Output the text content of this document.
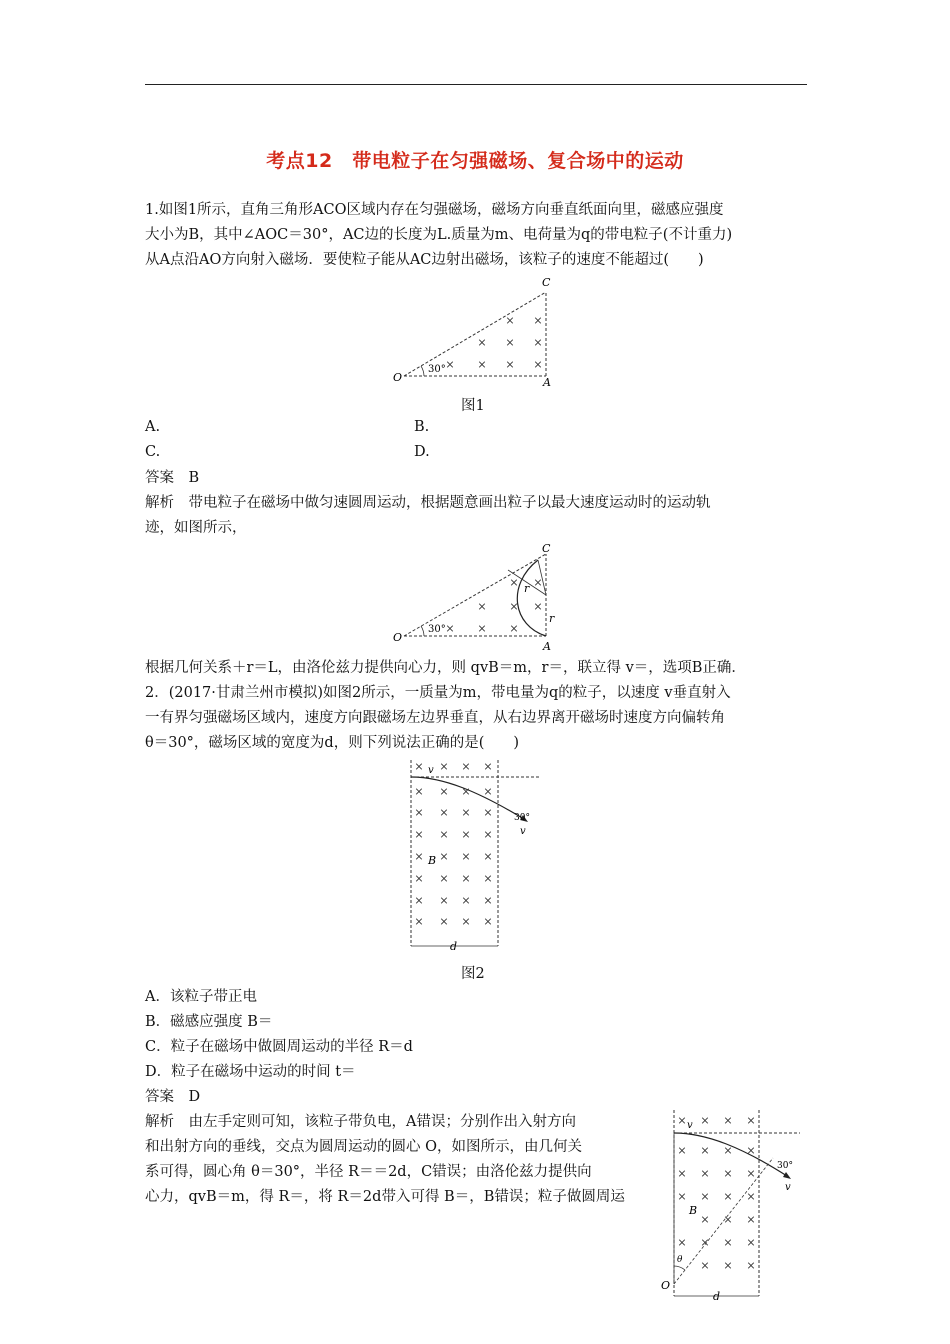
考点12　带电粒子在匀强磁场、复合场中的运动
1.如图1所示，直角三角形ACO区域内存在匀强磁场，磁场方向垂直纸面向里，磁感应强度
大小为B，其中∠AOC＝30°，AC边的长度为L.质量为m、电荷量为q的带电粒子(不计重力)
从A点沿AO方向射入磁场．要使粒子能从AC边射出磁场，该粒子的速度不能超过(　　)
× ×
× × ×
× × × ×
C
O	A
30°
图1
A.	B.
C.	D.
答案　B
解析　带电粒子在磁场中做匀速圆周运动，根据题意画出粒子以最大速度运动时的运动轨
迹，如图所示，
× ×
× × ×
× × ×
C
O
A
30°
r
r
根据几何关系＋r＝L，由洛伦兹力提供向心力，则 qvB＝m，r＝，联立得 v＝，选项B正确．
2．(2017·甘肃兰州市模拟)如图2所示，一质量为m，带电量为q的粒子，以速度 v垂直射入
一有界匀强磁场区域内，速度方向跟磁场左边界垂直，从右边界离开磁场时速度方向偏转角
θ＝30°，磁场区域的宽度为d，则下列说法正确的是(　　)
× × × ×
× × × ×
× × × ×
× × × ×
× × × ×
× × × ×
× × × ×
× × × ×
v
v
B
30°
d
图2
A．该粒子带正电
B．磁感应强度 B＝
C．粒子在磁场中做圆周运动的半径 R＝d
D．粒子在磁场中运动的时间 t＝
答案　D
解析　由左手定则可知，该粒子带负电，A错误；分别作出入射方向
和出射方向的垂线，交点为圆周运动的圆心 O，如图所示，由几何关
系可得，圆心角 θ＝30°，半径 R＝＝2d，C错误；由洛伦兹力提供向
心力，qvB＝m，得 R＝，将 R＝2d带入可得 B＝，B错误；粒子做圆周运
× × × ×
× × × ×
× × × ×
× × × ×
× × ×
× × × ×
× × ×
v
v
30°
B
θ
O
d
